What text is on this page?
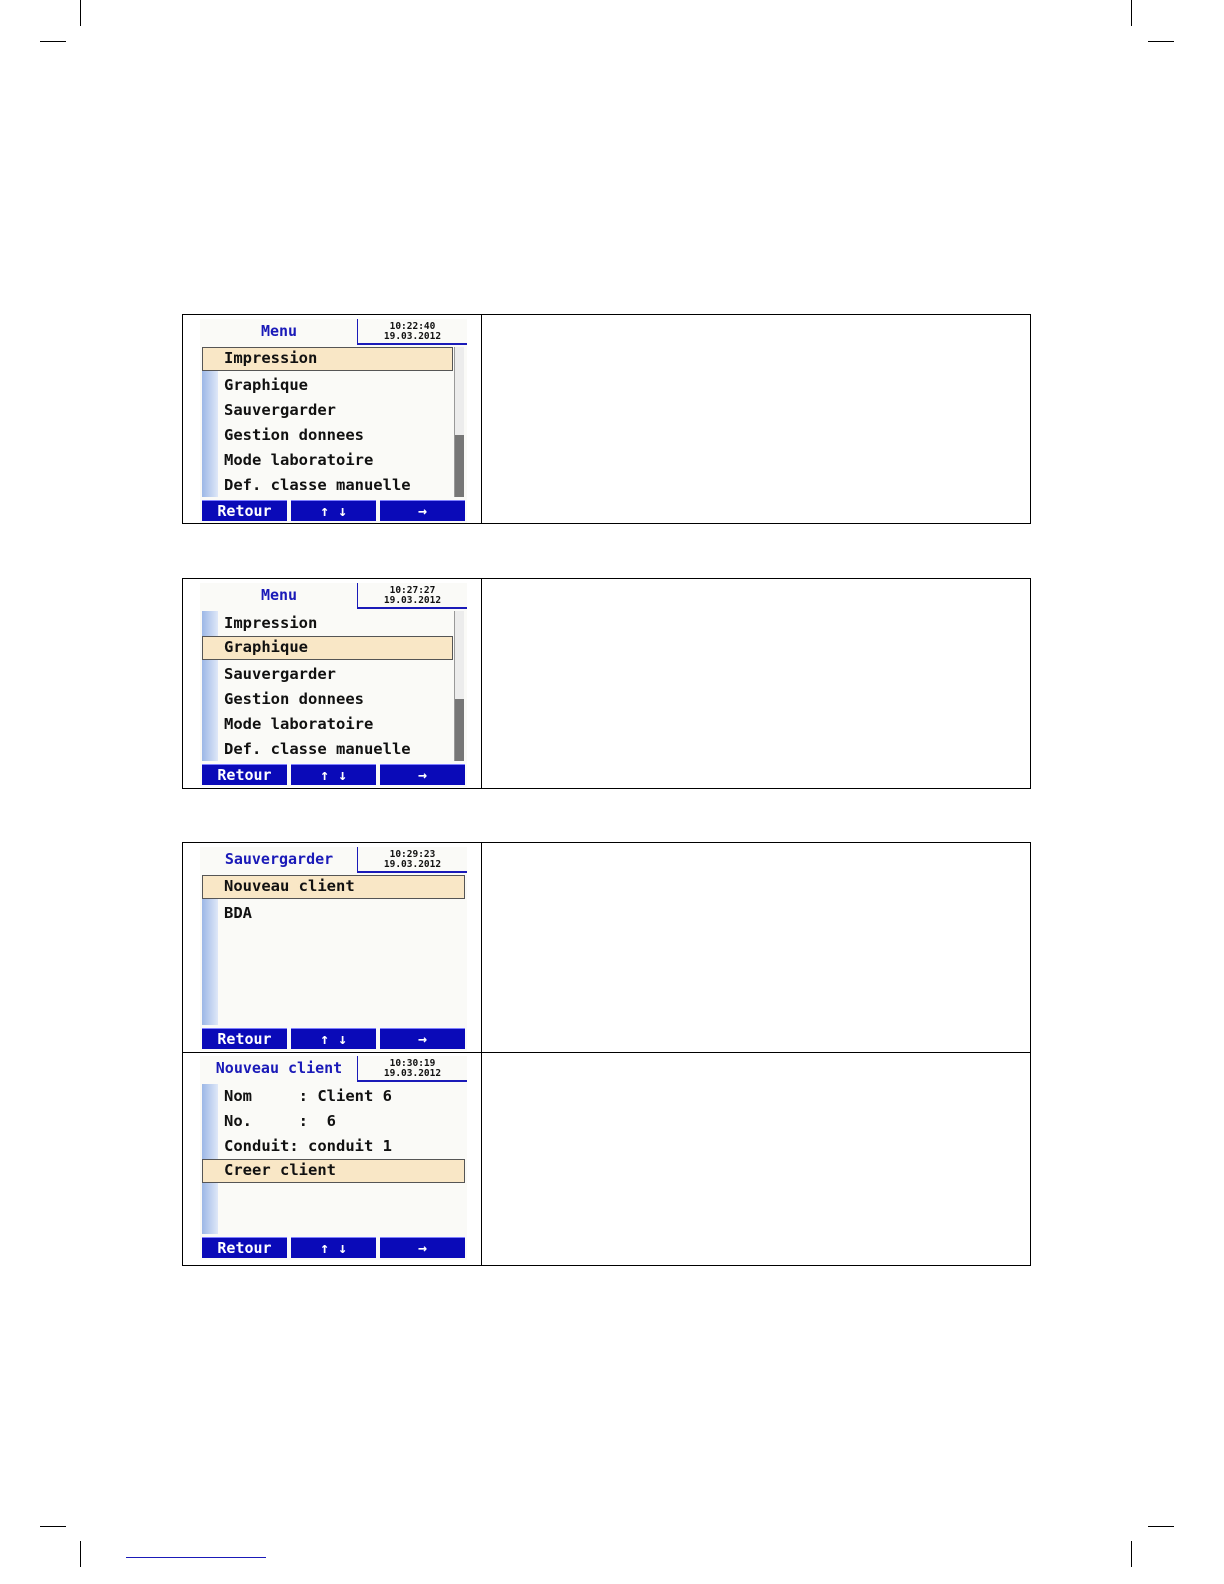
Menu	10:22:40
19.03.2012
Impression
Graphique
Sauvergarder
Gestion donnees
Mode laboratoire
Def. classe manuelle
Retour	↑ ↓	→
Menu	10:27:27
19.03.2012
Impression
Graphique
Sauvergarder
Gestion donnees
Mode laboratoire
Def. classe manuelle
Retour	↑ ↓	→
Sauvergarder	10:29:23
19.03.2012
Nouveau client
BDA
Retour	↑ ↓	→
Nouveau client	10:30:19
19.03.2012
Nom     : Client 6
No.     :  6
Conduit: conduit 1
Creer client
Retour	↑ ↓	→
